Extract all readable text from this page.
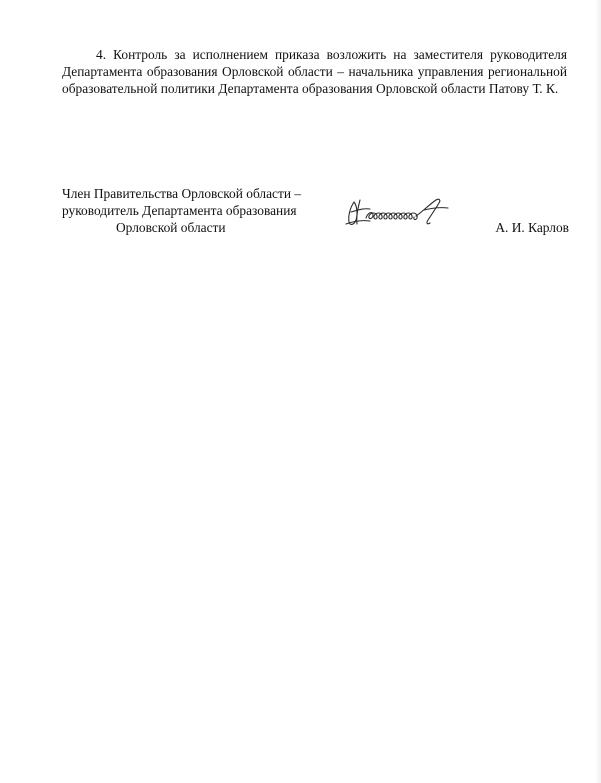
4. Контроль за исполнением приказа возложить на заместителя руководителя Департамента образования Орловской области – начальника управления региональной образовательной политики Департамента образования Орловской области Патову Т. К.

Член Правительства Орловской области –
руководитель Департамента образования
Орловской области	А. И. Карлов
